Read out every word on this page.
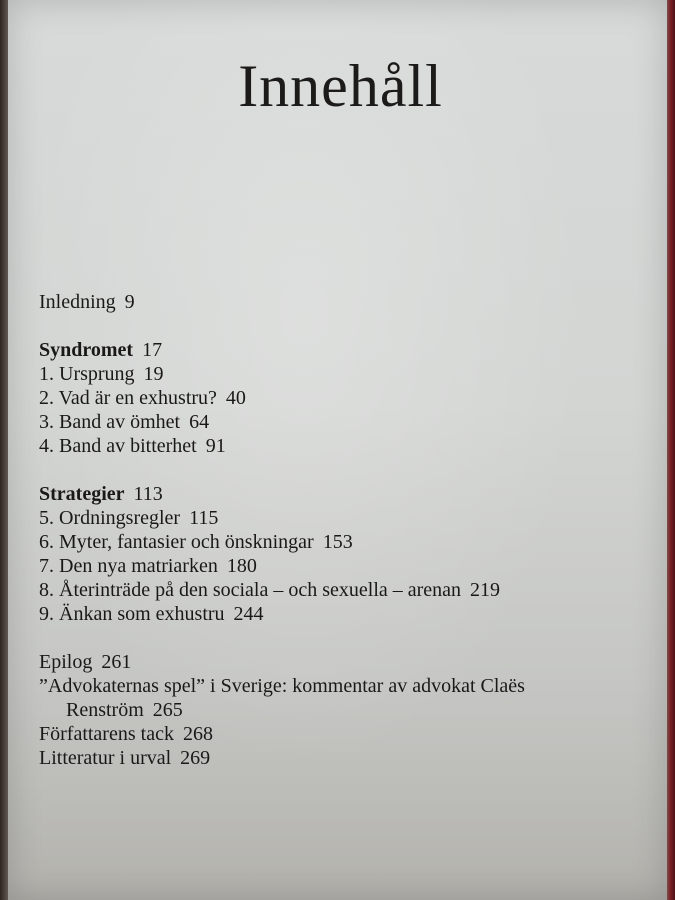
Innehåll
Inledning 9
Syndromet 17
1. Ursprung 19
2. Vad är en exhustru? 40
3. Band av ömhet 64
4. Band av bitterhet 91
Strategier 113
5. Ordningsregler 115
6. Myter, fantasier och önskningar 153
7. Den nya matriarken 180
8. Återinträde på den sociala – och sexuella – arenan 219
9. Änkan som exhustru 244
Epilog 261
”Advokaternas spel” i Sverige: kommentar av advokat Claës
Renström 265
Författarens tack 268
Litteratur i urval 269
